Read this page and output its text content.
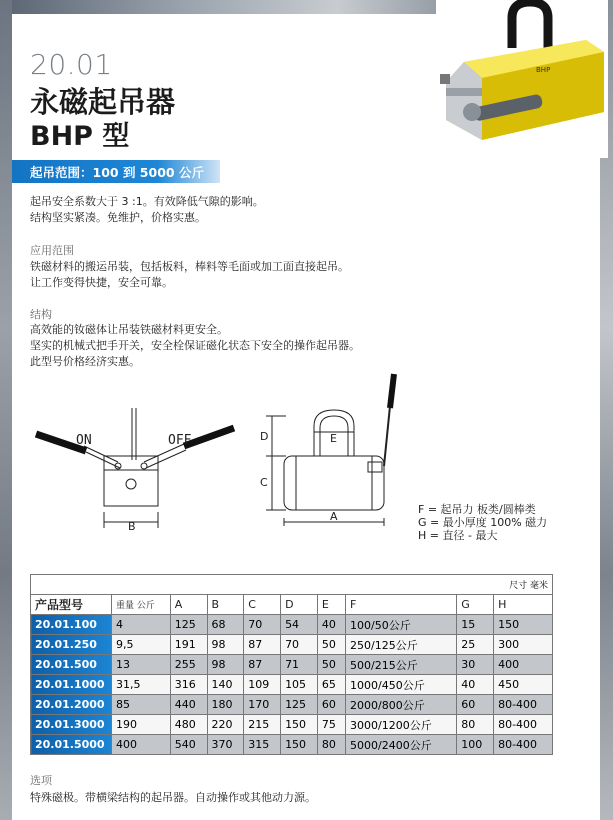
20.01
永磁起吊器
BHP 型
起吊范围：100 到 5000 公斤
BHP
起吊安全系数大于 3 :1。有效降低气隙的影响。
结构坚实紧凑。免维护，价格实惠。
应用范围
铁磁材料的搬运吊装，包括板料，棒料等毛面或加工面直接起吊。
让工作变得快捷，安全可靠。
结构
高效能的钕磁体让吊装铁磁材料更安全。
坚实的机械式把手开关，安全栓保证磁化状态下安全的操作起吊器。
此型号价格经济实惠。
ON	OFF
B
D
C
E
A
F = 起吊力 板类/圆棒类
G = 最小厚度 100% 磁力
H = 直径 - 最大
尺寸 毫米									
产品型号	重量 公斤	A	B	C	D	E	F	G	H
20.01.100	4	125	68	70	54	40	100/50公斤	15	150
20.01.250	9,5	191	98	87	70	50	250/125公斤	25	300
20.01.500	13	255	98	87	71	50	500/215公斤	30	400
20.01.1000	31,5	316	140	109	105	65	1000/450公斤	40	450
20.01.2000	85	440	180	170	125	60	2000/800公斤	60	80-400
20.01.3000	190	480	220	215	150	75	3000/1200公斤	80	80-400
20.01.5000	400	540	370	315	150	80	5000/2400公斤	100	80-400
选项
特殊磁极。带横梁结构的起吊器。自动操作或其他动力源。
